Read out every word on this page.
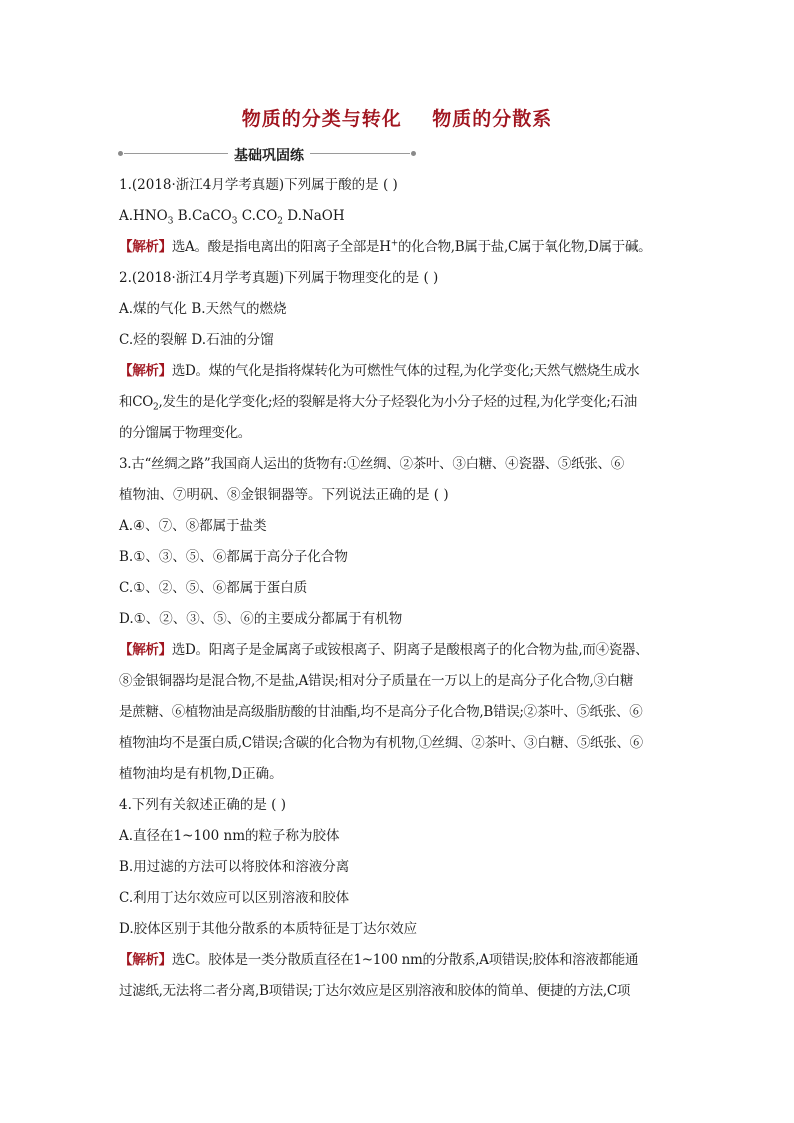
物质的分类与转化    物质的分散系
基础巩固练
1.(2018·浙江4月学考真题)下列属于酸的是 ( )
$A.HNO_3$ B.CaCO$_3$ $C.CO_2$ D.NaOH
【解析】选A。酸是指电离出的阳离子全部是H+的化合物,B属于盐,C属于氧化物,D属于碱。
2.(2018·浙江4月学考真题)下列属于物理变化的是 ( )
A.煤的气化 B.天然气的燃烧
C.烃的裂解 D.石油的分馏
【解析】选D。煤的气化是指将煤转化为可燃性气体的过程,为化学变化;天然气燃烧生成水
和$CO_2$,发生的是化学变化;烃的裂解是将大分子烃裂化为小分子烃的过程,为化学变化;石油
的分馏属于物理变化。
3.古“丝绸之路”我国商人运出的货物有:①丝绸、②茶叶、③白糖、④瓷器、⑤纸张、⑥
植物油、⑦明矾、⑧金银铜器等。下列说法正确的是 ( )
A.④、⑦、⑧都属于盐类
B.①、③、⑤、⑥都属于高分子化合物
C.①、②、⑤、⑥都属于蛋白质
D.①、②、③、⑤、⑥的主要成分都属于有机物
【解析】选D。阳离子是金属离子或铵根离子、阴离子是酸根离子的化合物为盐,而④瓷器、
⑧金银铜器均是混合物,不是盐,A错误;相对分子质量在一万以上的是高分子化合物,③白糖
是蔗糖、⑥植物油是高级脂肪酸的甘油酯,均不是高分子化合物,B错误;②茶叶、⑤纸张、⑥
植物油均不是蛋白质,C错误;含碳的化合物为有机物,①丝绸、②茶叶、③白糖、⑤纸张、⑥
植物油均是有机物,D正确。
4.下列有关叙述正确的是 ( )
A.直径在1~100 nm的粒子称为胶体
B.用过滤的方法可以将胶体和溶液分离
C.利用丁达尔效应可以区别溶液和胶体
D.胶体区别于其他分散系的本质特征是丁达尔效应
【解析】选C。胶体是一类分散质直径在1~100 nm的分散系,A项错误;胶体和溶液都能通
过滤纸,无法将二者分离,B项错误;丁达尔效应是区别溶液和胶体的简单、便捷的方法,C项
